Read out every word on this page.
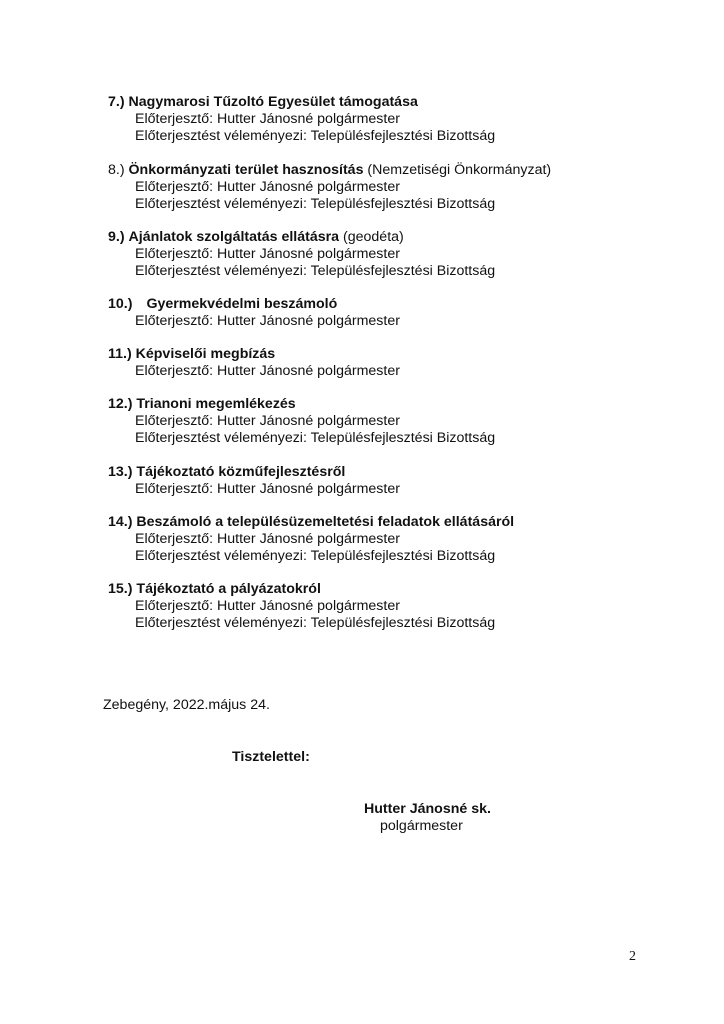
7.) Nagymarosi Tűzoltó Egyesület támogatása
Előterjesztő: Hutter Jánosné polgármester
Előterjesztést véleményezi: Településfejlesztési Bizottság
8.) Önkormányzati terület hasznosítás (Nemzetiségi Önkormányzat)
Előterjesztő: Hutter Jánosné polgármester
Előterjesztést véleményezi: Településfejlesztési Bizottság
9.) Ajánlatok szolgáltatás ellátásra (geodéta)
Előterjesztő: Hutter Jánosné polgármester
Előterjesztést véleményezi: Településfejlesztési Bizottság
10.) Gyermekvédelmi beszámoló
Előterjesztő: Hutter Jánosné polgármester
11.) Képviselői megbízás
Előterjesztő: Hutter Jánosné polgármester
12.) Trianoni megemlékezés
Előterjesztő: Hutter Jánosné polgármester
Előterjesztést véleményezi: Településfejlesztési Bizottság
13.) Tájékoztató közműfejlesztésről
Előterjesztő: Hutter Jánosné polgármester
14.) Beszámoló a településüzemeltetési feladatok ellátásáról
Előterjesztő: Hutter Jánosné polgármester
Előterjesztést véleményezi: Településfejlesztési Bizottság
15.) Tájékoztató a pályázatokról
Előterjesztő: Hutter Jánosné polgármester
Előterjesztést véleményezi: Településfejlesztési Bizottság
Zebegény, 2022.május 24.
Tisztelettel:
Hutter Jánosné sk.
polgármester
2
